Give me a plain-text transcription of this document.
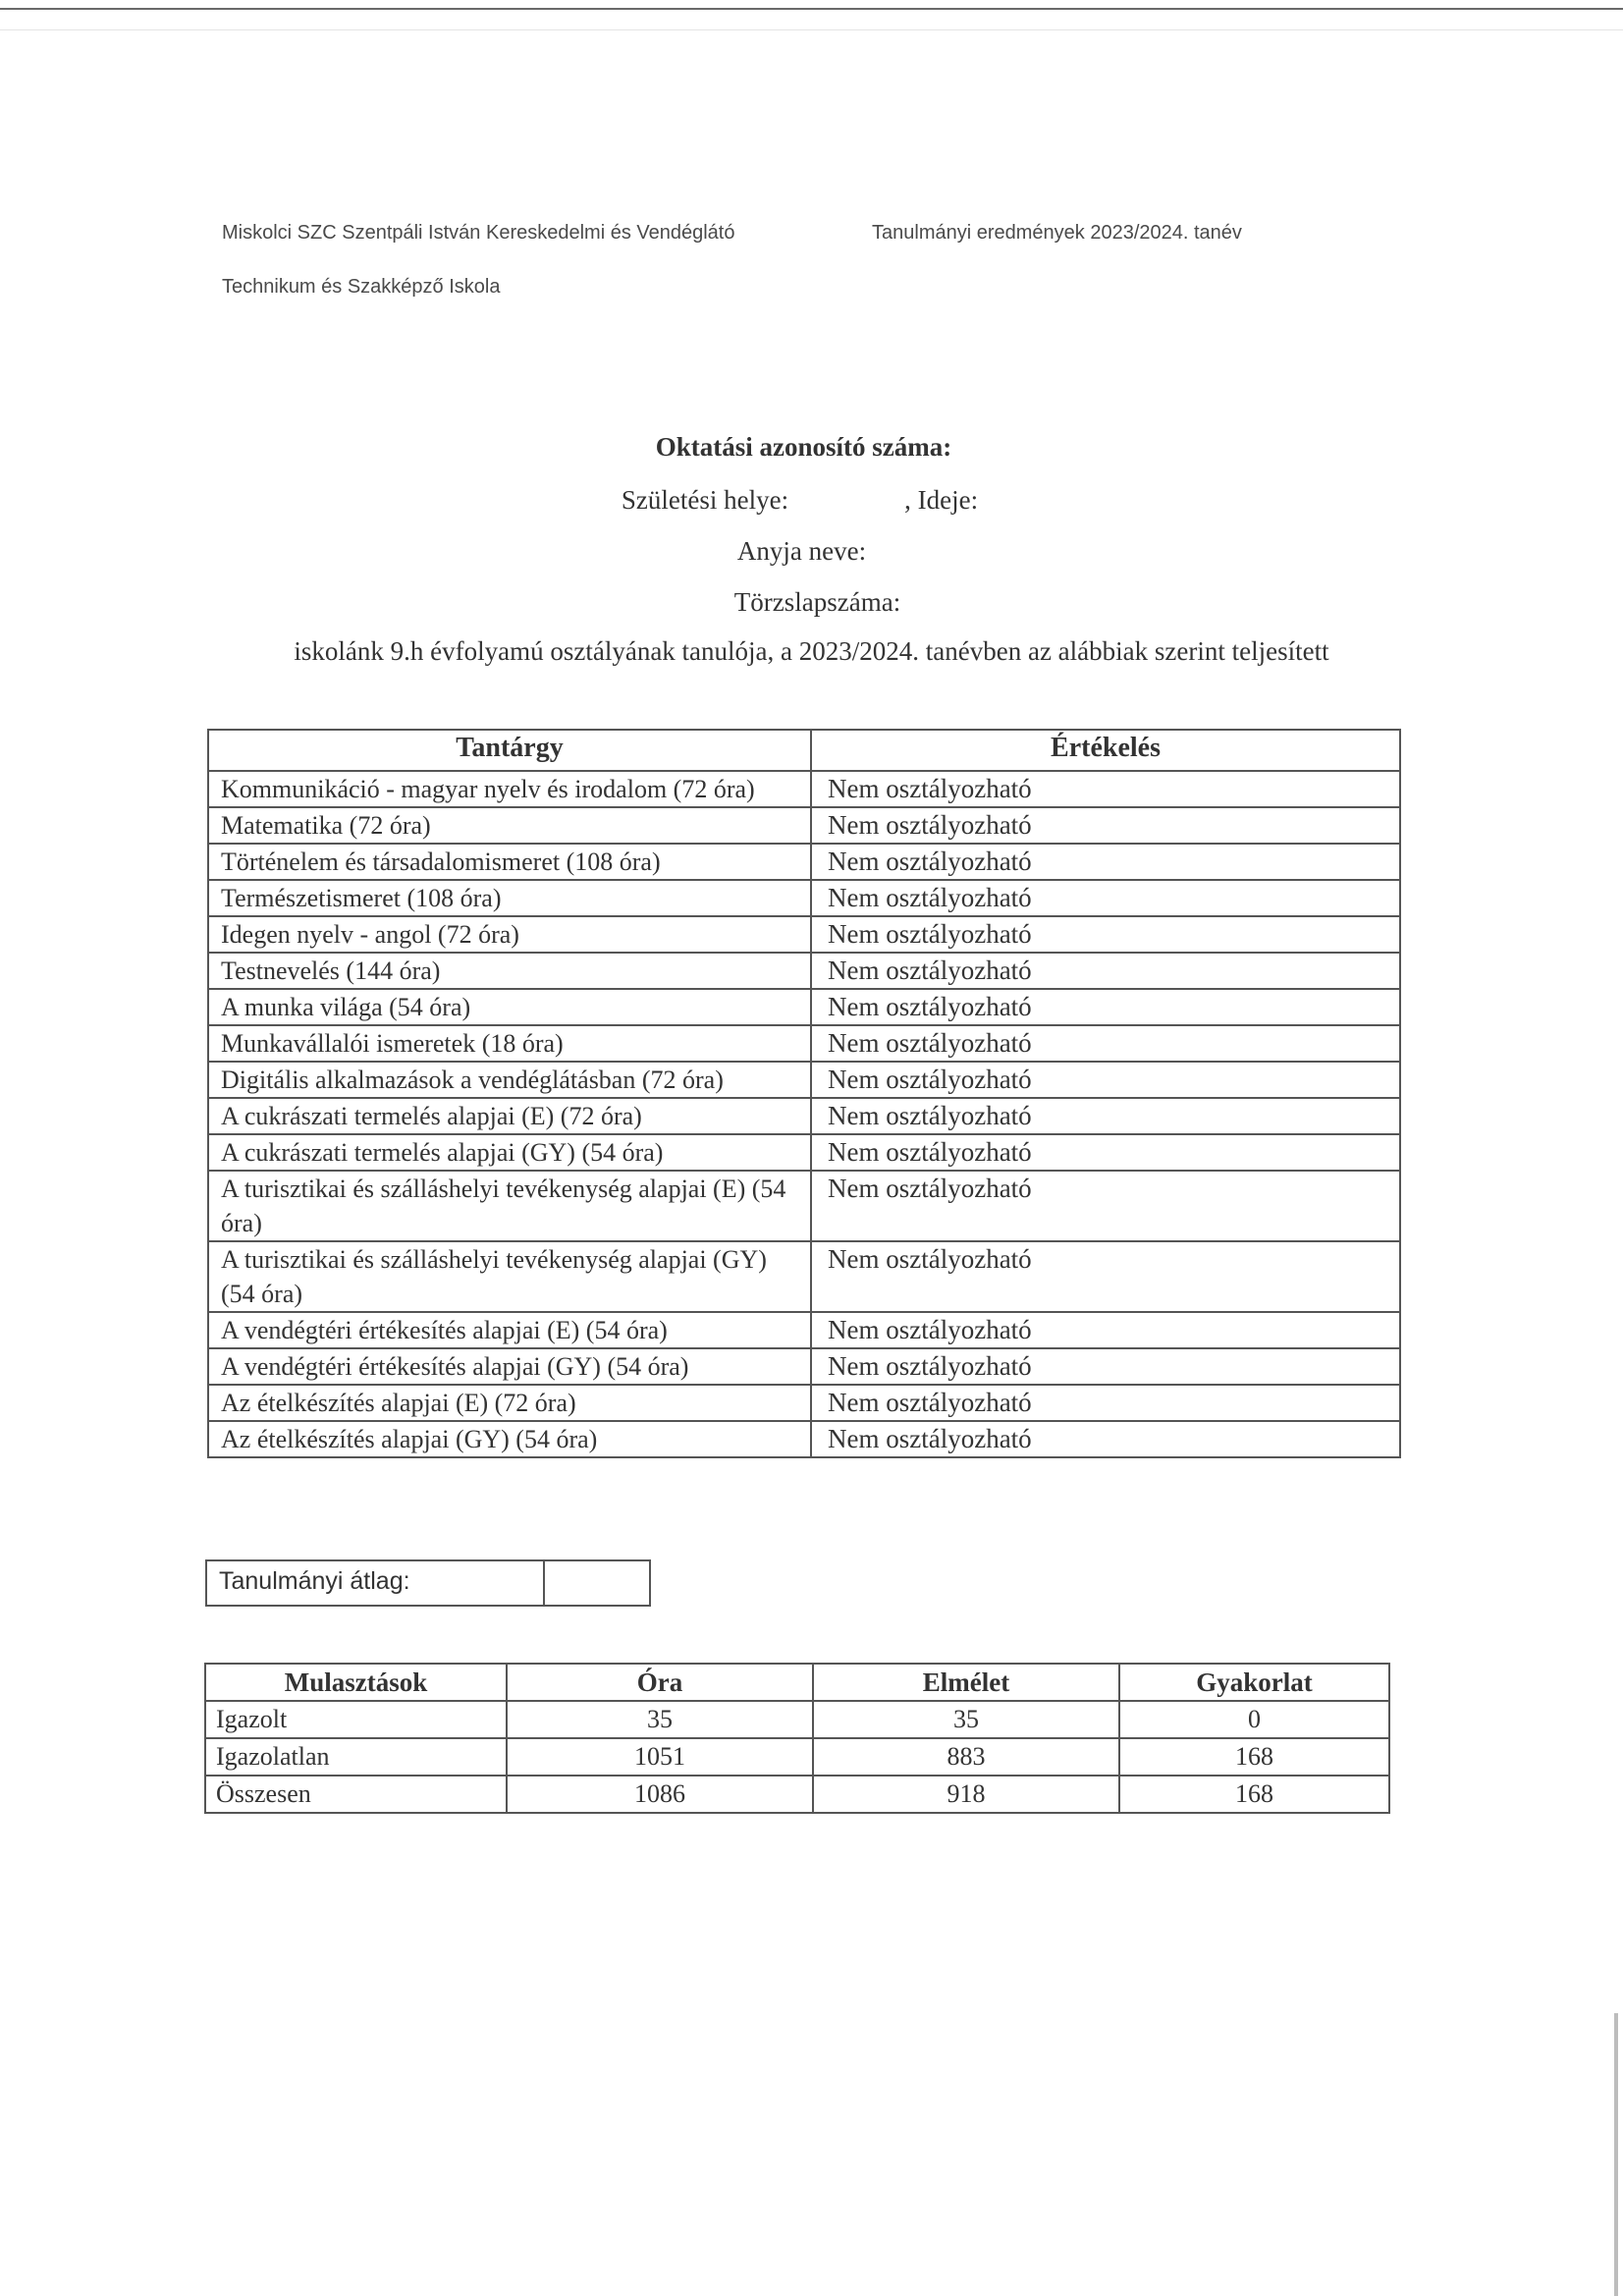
Miskolci SZC Szentpáli István Kereskedelmi és Vendéglátó
Technikum és Szakképző Iskola
Tanulmányi eredmények 2023/2024. tanév
Oktatási azonosító száma:
Születési helye:	, Ideje:
Anyja neve:
Törzslapszáma:
iskolánk 9.h évfolyamú osztályának tanulója, a 2023/2024. tanévben az alábbiak szerint teljesített
Tantárgy	Értékelés
Kommunikáció - magyar nyelv és irodalom (72 óra)	Nem osztályozható
Matematika (72 óra)	Nem osztályozható
Történelem és társadalomismeret (108 óra)	Nem osztályozható
Természetismeret (108 óra)	Nem osztályozható
Idegen nyelv - angol (72 óra)	Nem osztályozható
Testnevelés (144 óra)	Nem osztályozható
A munka világa (54 óra)	Nem osztályozható
Munkavállalói ismeretek (18 óra)	Nem osztályozható
Digitális alkalmazások a vendéglátásban (72 óra)	Nem osztályozható
A cukrászati termelés alapjai (E) (72 óra)	Nem osztályozható
A cukrászati termelés alapjai (GY) (54 óra)	Nem osztályozható
A turisztikai és szálláshelyi tevékenység alapjai (E) (54 óra)	Nem osztályozható
A turisztikai és szálláshelyi tevékenység alapjai (GY) (54 óra)	Nem osztályozható
A vendégtéri értékesítés alapjai (E) (54 óra)	Nem osztályozható
A vendégtéri értékesítés alapjai (GY) (54 óra)	Nem osztályozható
Az ételkészítés alapjai (E) (72 óra)	Nem osztályozható
Az ételkészítés alapjai (GY) (54 óra)	Nem osztályozható
Tanulmányi átlag:
Mulasztások	Óra	Elmélet	Gyakorlat
Igazolt	35	35	0
Igazolatlan	1051	883	168
Összesen	1086	918	168
